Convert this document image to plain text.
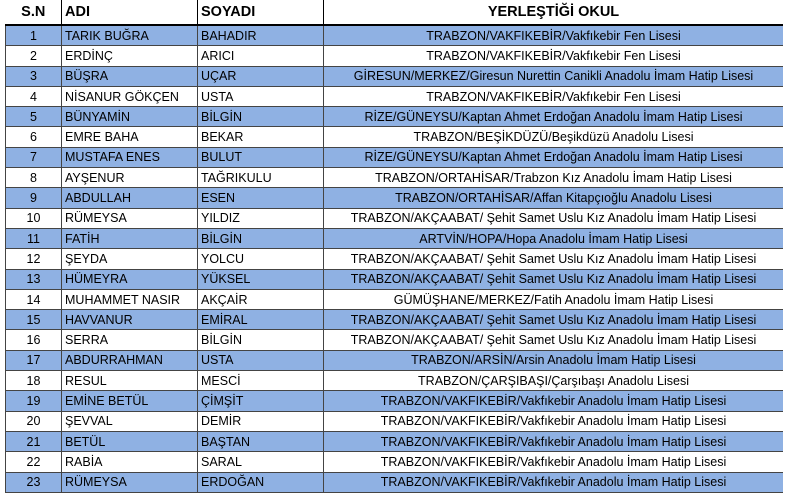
S.N	ADI	SOYADI	YERLEŞTİĞİ OKUL
1	TARIK BUĞRA	BAHADIR	TRABZON/VAKFIKEBİR/Vakfıkebir Fen Lisesi
2	ERDİNÇ	ARICI	TRABZON/VAKFIKEBİR/Vakfıkebir Fen Lisesi
3	BÜŞRA	UÇAR	GİRESUN/MERKEZ/Giresun Nurettin Canikli Anadolu İmam Hatip Lisesi
4	NİSANUR GÖKÇEN	USTA	TRABZON/VAKFIKEBİR/Vakfıkebir Fen Lisesi
5	BÜNYAMİN	BİLGİN	RİZE/GÜNEYSU/Kaptan Ahmet Erdoğan Anadolu İmam Hatip Lisesi
6	EMRE BAHA	BEKAR	TRABZON/BEŞİKDÜZÜ/Beşikdüzü Anadolu Lisesi
7	MUSTAFA ENES	BULUT	RİZE/GÜNEYSU/Kaptan Ahmet Erdoğan Anadolu İmam Hatip Lisesi
8	AYŞENUR	TAĞRIKULU	TRABZON/ORTAHİSAR/Trabzon Kız Anadolu İmam Hatip Lisesi
9	ABDULLAH	ESEN	TRABZON/ORTAHİSAR/Affan Kitapçıoğlu Anadolu Lisesi
10	RÜMEYSA	YILDIZ	TRABZON/AKÇAABAT/ Şehit Samet Uslu Kız Anadolu İmam Hatip Lisesi
11	FATİH	BİLGİN	ARTVİN/HOPA/Hopa Anadolu İmam Hatip Lisesi
12	ŞEYDA	YOLCU	TRABZON/AKÇAABAT/ Şehit Samet Uslu Kız Anadolu İmam Hatip Lisesi
13	HÜMEYRA	YÜKSEL	TRABZON/AKÇAABAT/ Şehit Samet Uslu Kız Anadolu İmam Hatip Lisesi
14	MUHAMMET NASIR	AKÇAİR	GÜMÜŞHANE/MERKEZ/Fatih Anadolu İmam Hatip Lisesi
15	HAVVANUR	EMİRAL	TRABZON/AKÇAABAT/ Şehit Samet Uslu Kız Anadolu İmam Hatip Lisesi
16	SERRA	BİLGİN	TRABZON/AKÇAABAT/ Şehit Samet Uslu Kız Anadolu İmam Hatip Lisesi
17	ABDURRAHMAN	USTA	TRABZON/ARSİN/Arsin Anadolu İmam Hatip Lisesi
18	RESUL	MESCİ	TRABZON/ÇARŞIBAŞI/Çarşıbaşı Anadolu Lisesi
19	EMİNE BETÜL	ÇİMŞİT	TRABZON/VAKFIKEBİR/Vakfıkebir Anadolu İmam Hatip Lisesi
20	ŞEVVAL	DEMİR	TRABZON/VAKFIKEBİR/Vakfıkebir Anadolu İmam Hatip Lisesi
21	BETÜL	BAŞTAN	TRABZON/VAKFIKEBİR/Vakfıkebir Anadolu İmam Hatip Lisesi
22	RABİA	SARAL	TRABZON/VAKFIKEBİR/Vakfıkebir Anadolu İmam Hatip Lisesi
23	RÜMEYSA	ERDOĞAN	TRABZON/VAKFIKEBİR/Vakfıkebir Anadolu İmam Hatip Lisesi
